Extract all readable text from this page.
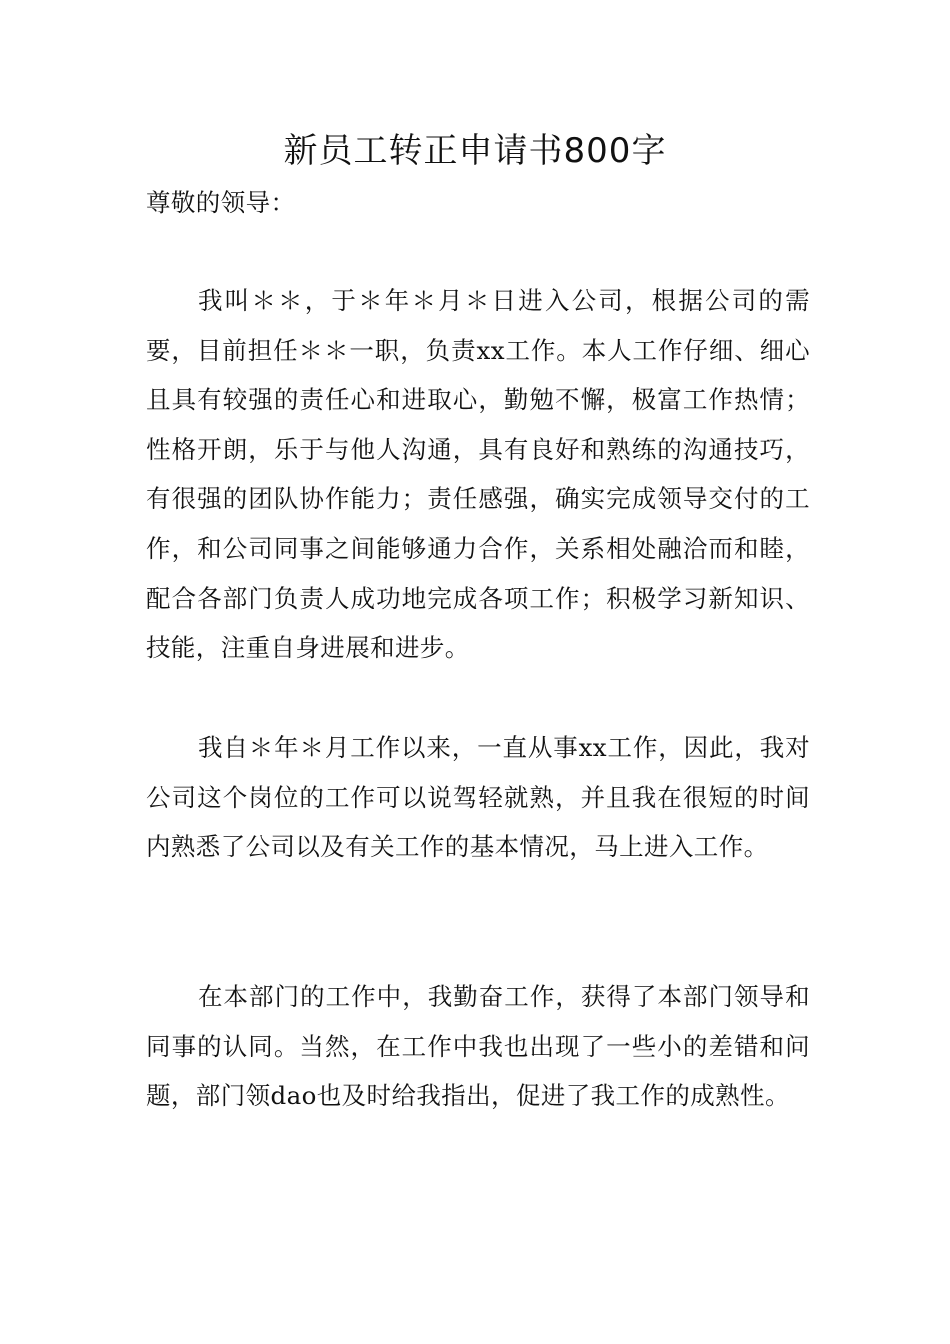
新员工转正申请书800字

尊敬的领导：

我叫＊＊，于＊年＊月＊日进入公司，根据公司的需要，目前担任＊＊一职，负责xx工作。本人工作仔细、细心且具有较强的责任心和进取心，勤勉不懈，极富工作热情；性格开朗，乐于与他人沟通，具有良好和熟练的沟通技巧，有很强的团队协作能力；责任感强，确实完成领导交付的工作，和公司同事之间能够通力合作，关系相处融洽而和睦，配合各部门负责人成功地完成各项工作；积极学习新知识、技能，注重自身进展和进步。

我自＊年＊月工作以来，一直从事xx工作，因此，我对公司这个岗位的工作可以说驾轻就熟，并且我在很短的时间内熟悉了公司以及有关工作的基本情况，马上进入工作。

在本部门的工作中，我勤奋工作，获得了本部门领导和同事的认同。当然，在工作中我也出现了一些小的差错和问题，部门领dao也及时给我指出，促进了我工作的成熟性。
